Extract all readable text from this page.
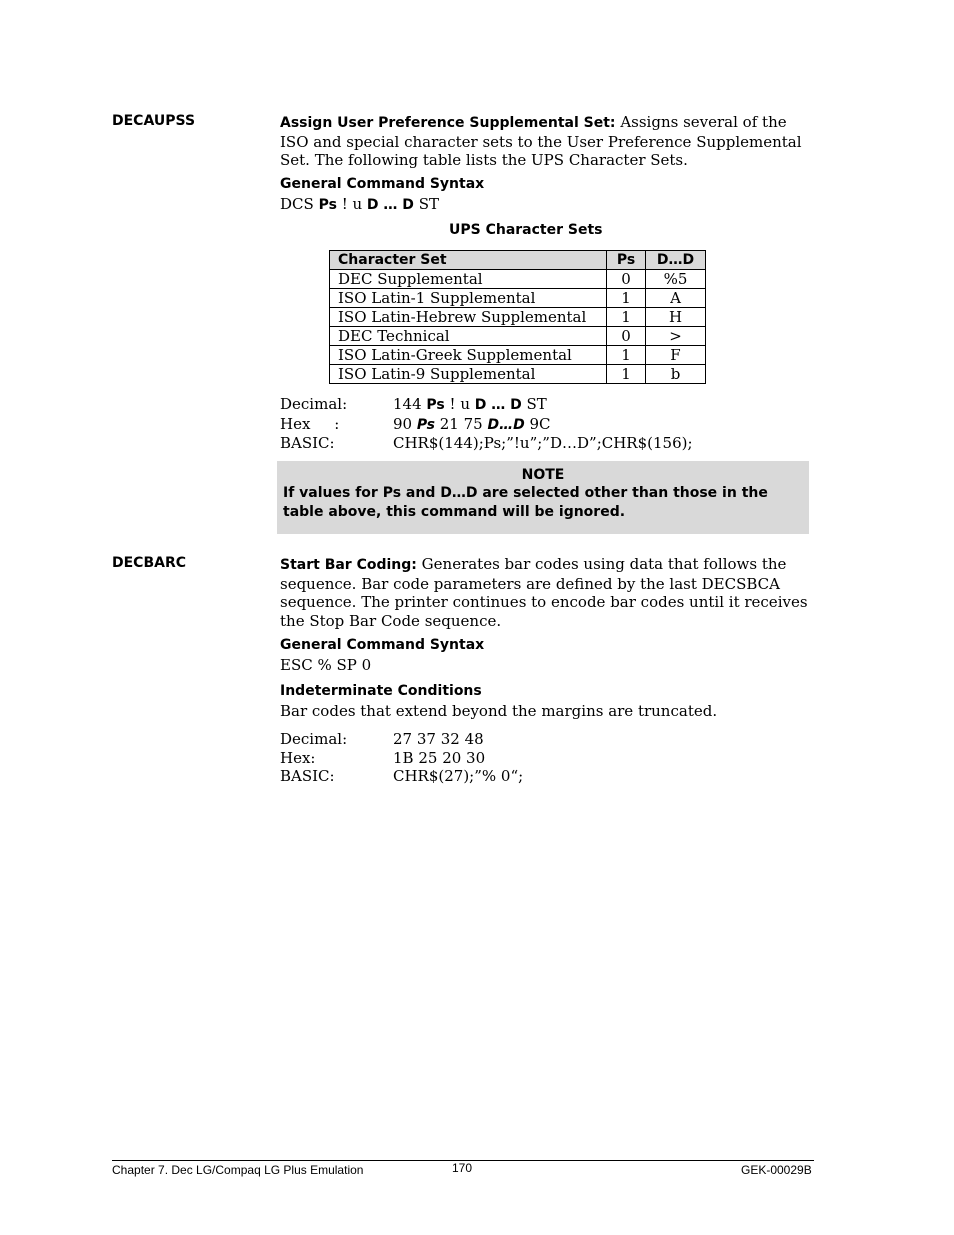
DECAUPSS	Assign User Preference Supplemental Set: Assigns several of the ISO and special character sets to the User Preference Supplemental Set. The following table lists the UPS Character Sets.
General Command Syntax
DCS Ps ! u D … D ST
UPS Character Sets
Character Set	Ps	D…D
DEC Supplemental	0	%5
ISO Latin-1 Supplemental	1	A
ISO Latin-Hebrew Supplemental	1	H
DEC Technical	0	>
ISO Latin-Greek Supplemental	1	F
ISO Latin-9 Supplemental	1	b
Decimal:	144 Ps ! u D … D ST
Hex     :	90 Ps 21 75 D…D 9C
BASIC:	CHR$(144);Ps;”!u”;”D…D”;CHR$(156);
NOTE
If values for Ps and D…D are selected other than those in the table above, this command will be ignored.
DECBARC	Start Bar Coding: Generates bar codes using data that follows the sequence. Bar code parameters are defined by the last DECSBCA sequence. The printer continues to encode bar codes until it receives the Stop Bar Code sequence.
General Command Syntax
ESC % SP 0
Indeterminate Conditions
Bar codes that extend beyond the margins are truncated.
Decimal:	27 37 32 48
Hex:	1B 25 20 30
BASIC:	CHR$(27);”% 0“;
Chapter 7. Dec LG/Compaq LG Plus Emulation	170	GEK-00029B
